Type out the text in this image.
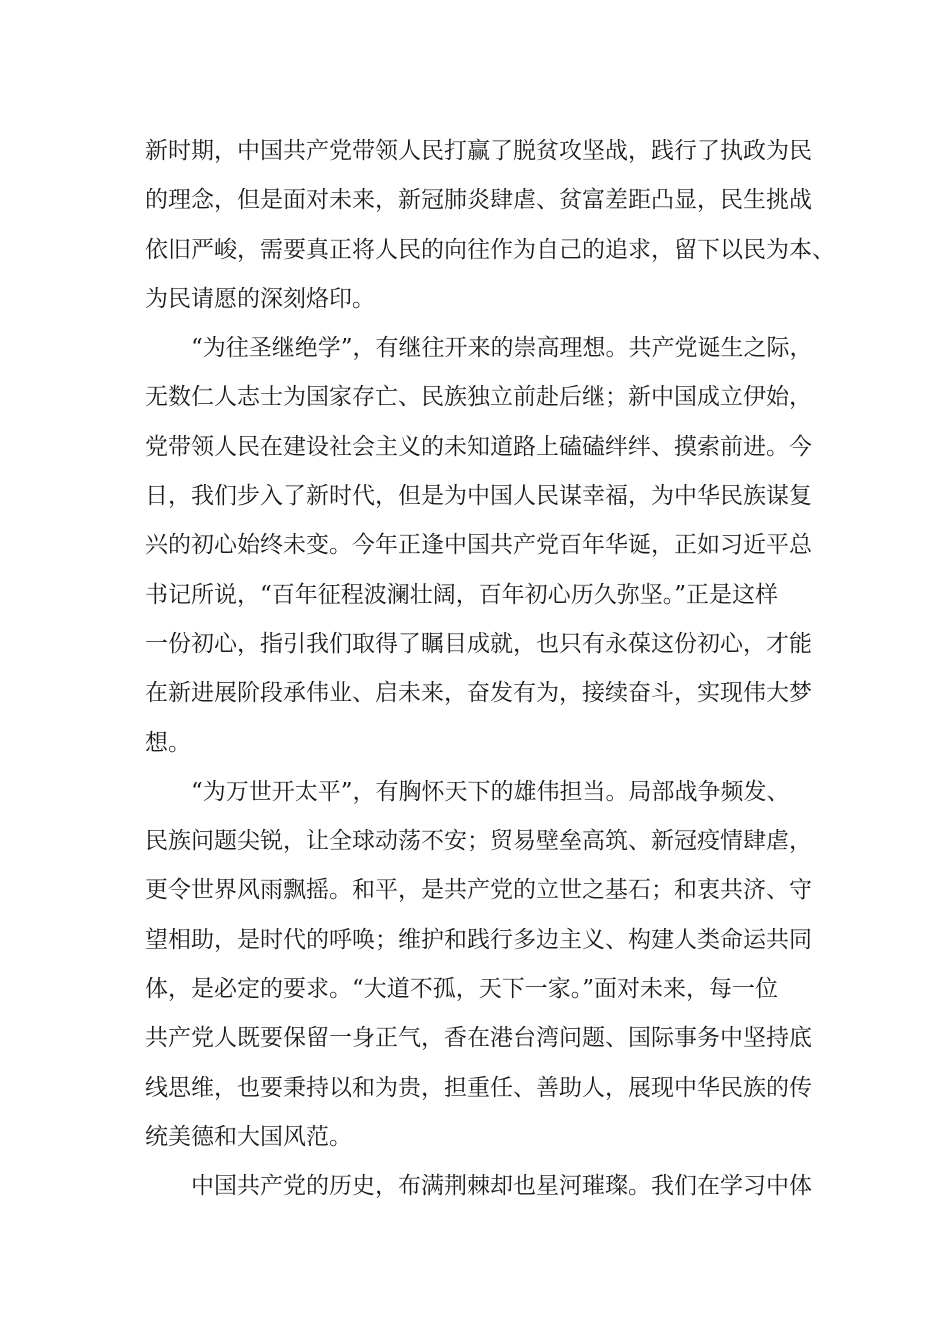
新时期，中国共产党带领人民打赢了脱贫攻坚战，践行了执政为民
的理念，但是面对未来，新冠肺炎肆虐、贫富差距凸显，民生挑战
依旧严峻，需要真正将人民的向往作为自己的追求，留下以民为本、
为民请愿的深刻烙印。
“为往圣继绝学”，有继往开来的崇高理想。共产党诞生之际，
无数仁人志士为国家存亡、民族独立前赴后继；新中国成立伊始，
党带领人民在建设社会主义的未知道路上磕磕绊绊、摸索前进。今
日，我们步入了新时代，但是为中国人民谋幸福，为中华民族谋复
兴的初心始终未变。今年正逢中国共产党百年华诞，正如习近平总
书记所说，“百年征程波澜壮阔，百年初心历久弥坚。”正是这样
一份初心，指引我们取得了瞩目成就，也只有永葆这份初心，才能
在新进展阶段承伟业、启未来，奋发有为，接续奋斗，实现伟大梦
想。
“为万世开太平”，有胸怀天下的雄伟担当。局部战争频发、
民族问题尖锐，让全球动荡不安；贸易壁垒高筑、新冠疫情肆虐，
更令世界风雨飘摇。和平，是共产党的立世之基石；和衷共济、守
望相助，是时代的呼唤；维护和践行多边主义、构建人类命运共同
体，是必定的要求。“大道不孤，天下一家。”面对未来，每一位
共产党人既要保留一身正气，香在港台湾问题、国际事务中坚持底
线思维，也要秉持以和为贵，担重任、善助人，展现中华民族的传
统美德和大国风范。
中国共产党的历史，布满荆棘却也星河璀璨。我们在学习中体
